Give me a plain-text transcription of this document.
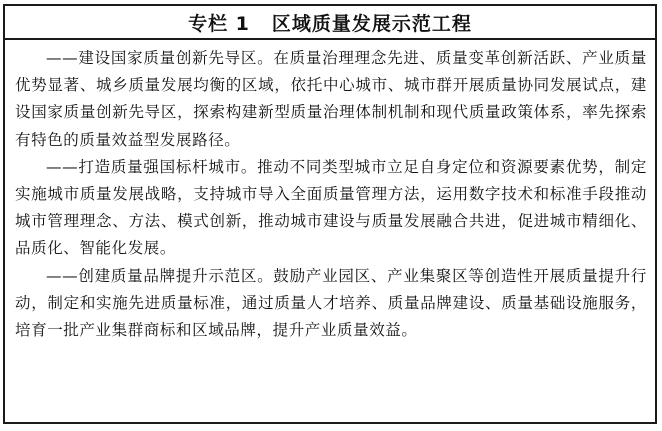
专栏 1 区域质量发展示范工程

——建设国家质量创新先导区。在质量治理理念先进、质量变革创新活跃、产业质量优势显著、城乡质量发展均衡的区域，依托中心城市、城市群开展质量协同发展试点，建设国家质量创新先导区，探索构建新型质量治理体制机制和现代质量政策体系，率先探索有特色的质量效益型发展路径。

——打造质量强国标杆城市。推动不同类型城市立足自身定位和资源要素优势，制定实施城市质量发展战略，支持城市导入全面质量管理方法，运用数字技术和标准手段推动城市管理理念、方法、模式创新，推动城市建设与质量发展融合共进，促进城市精细化、品质化、智能化发展。

——创建质量品牌提升示范区。鼓励产业园区、产业集聚区等创造性开展质量提升行动，制定和实施先进质量标准，通过质量人才培养、质量品牌建设、质量基础设施服务，培育一批产业集群商标和区域品牌，提升产业质量效益。
